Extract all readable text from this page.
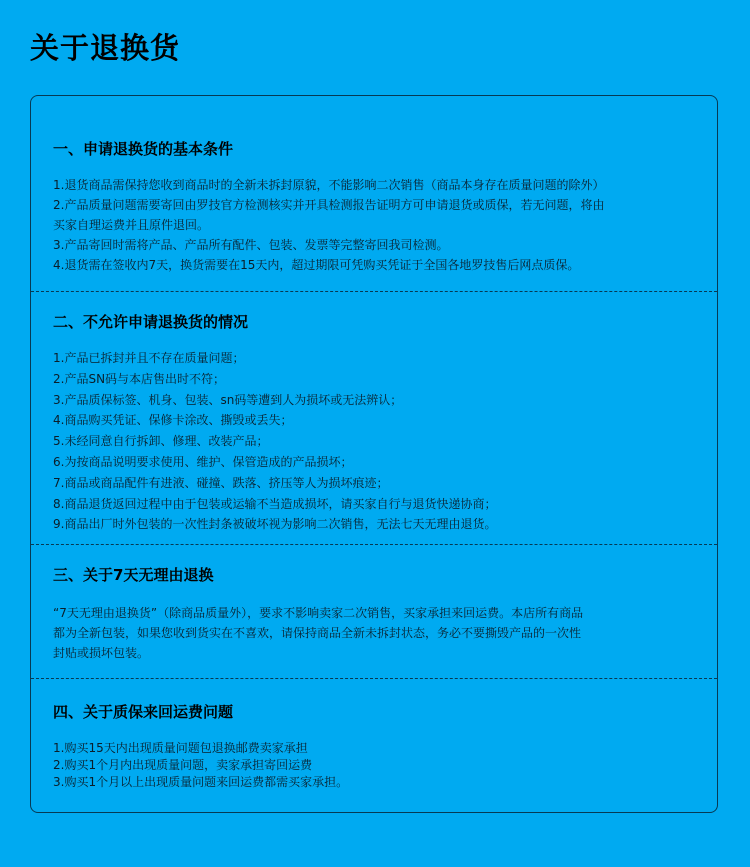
关于退换货
一、申请退换货的基本条件
1.退货商品需保持您收到商品时的全新未拆封原貌，不能影响二次销售（商品本身存在质量问题的除外）
2.产品质量问题需要寄回由罗技官方检测核实并开具检测报告证明方可申请退货或质保，若无问题，将由
买家自理运费并且原件退回。
3.产品寄回时需将产品、产品所有配件、包装、发票等完整寄回我司检测。
4.退货需在签收内7天，换货需要在15天内，超过期限可凭购买凭证于全国各地罗技售后网点质保。
二、不允许申请退换货的情况
1.产品已拆封并且不存在质量问题；
2.产品SN码与本店售出时不符；
3.产品质保标签、机身、包装、sn码等遭到人为损坏或无法辨认；
4.商品购买凭证、保修卡涂改、撕毁或丢失；
5.未经同意自行拆卸、修理、改装产品；
6.为按商品说明要求使用、维护、保管造成的产品损坏；
7.商品或商品配件有进液、碰撞、跌落、挤压等人为损坏痕迹；
8.商品退货返回过程中由于包装或运输不当造成损坏，请买家自行与退货快递协商；
9.商品出厂时外包装的一次性封条被破坏视为影响二次销售，无法七天无理由退货。
三、关于7天无理由退换
“7天无理由退换货”（除商品质量外），要求不影响卖家二次销售，买家承担来回运费。本店所有商品
都为全新包装，如果您收到货实在不喜欢，请保持商品全新未拆封状态，务必不要撕毁产品的一次性
封贴或损坏包装。
四、关于质保来回运费问题
1.购买15天内出现质量问题包退换邮费卖家承担
2.购买1个月内出现质量问题，卖家承担寄回运费
3.购买1个月以上出现质量问题来回运费都需买家承担。
